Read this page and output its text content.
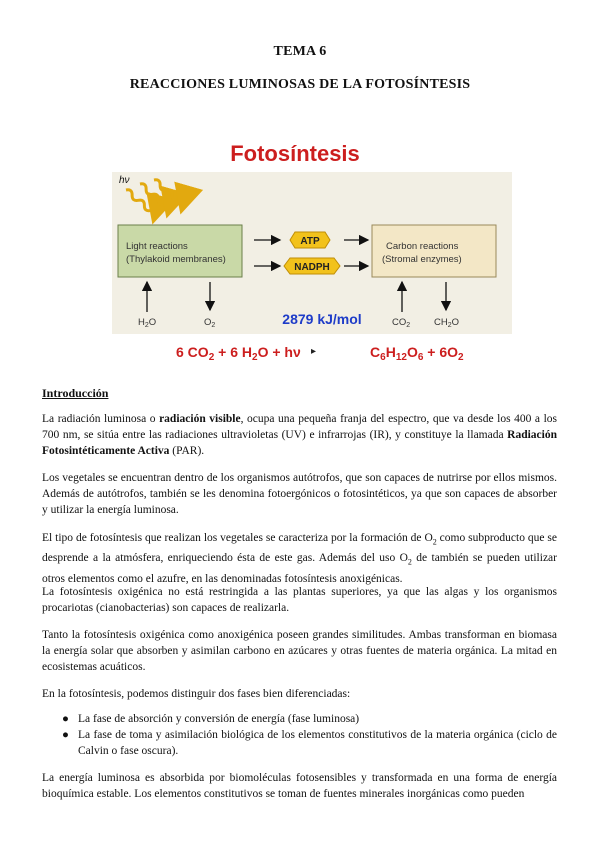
TEMA 6
REACCIONES LUMINOSAS DE LA FOTOSÍNTESIS
Fotosíntesis
hν
Light reactions
(Thylakoid membranes)
Carbon reactions
(Stromal enzymes)
ATP
NADPH
$H_2O$	$O_2$	$CO_2$	$CH_2O$
2879 kJ/mol
6 $CO_2 + 6$ $H_2O + h\nu$ ▸	$C_6H_{12}O_6 + 6O_2$
Introducción

La radiación luminosa o radiación visible, ocupa una pequeña franja del espectro, que va desde los 400 a los 700 nm, se sitúa entre las radiaciones ultravioletas (UV) e infrarrojas (IR), y constituye la llamada Radiación Fotosintéticamente Activa (PAR).

Los vegetales se encuentran dentro de los organismos autótrofos, que son capaces de nutrirse por ellos mismos. Además de autótrofos, también se les denomina fotoergónicos o fotosintéticos, ya que son capaces de absorber y utilizar la energía luminosa.

El tipo de fotosíntesis que realizan los vegetales se caracteriza por la formación de $O_2$ como subproducto que se desprende a la atmósfera, enriqueciendo ésta de este gas. Además del uso $O_2$ de también se pueden utilizar otros elementos como el azufre, en las denominadas fotosíntesis anoxigénicas.

La fotosíntesis oxigénica no está restringida a las plantas superiores, ya que las algas y los organismos procariotas (cianobacterias) son capaces de realizarla.

Tanto la fotosíntesis oxigénica como anoxigénica poseen grandes similitudes. Ambas transforman en biomasa la energía solar que absorben y asimilan carbono en azúcares y otras fuentes de materia orgánica. La mitad en ecosistemas acuáticos.

En la fotosíntesis, podemos distinguir dos fases bien diferenciadas:

● La fase de absorción y conversión de energía (fase luminosa)
● La fase de toma y asimilación biológica de los elementos constitutivos de la materia orgánica (ciclo de Calvin o fase oscura).

La energía luminosa es absorbida por biomoléculas fotosensibles y transformada en una forma de energía bioquímica estable. Los elementos constitutivos se toman de fuentes minerales inorgánicas como pueden
